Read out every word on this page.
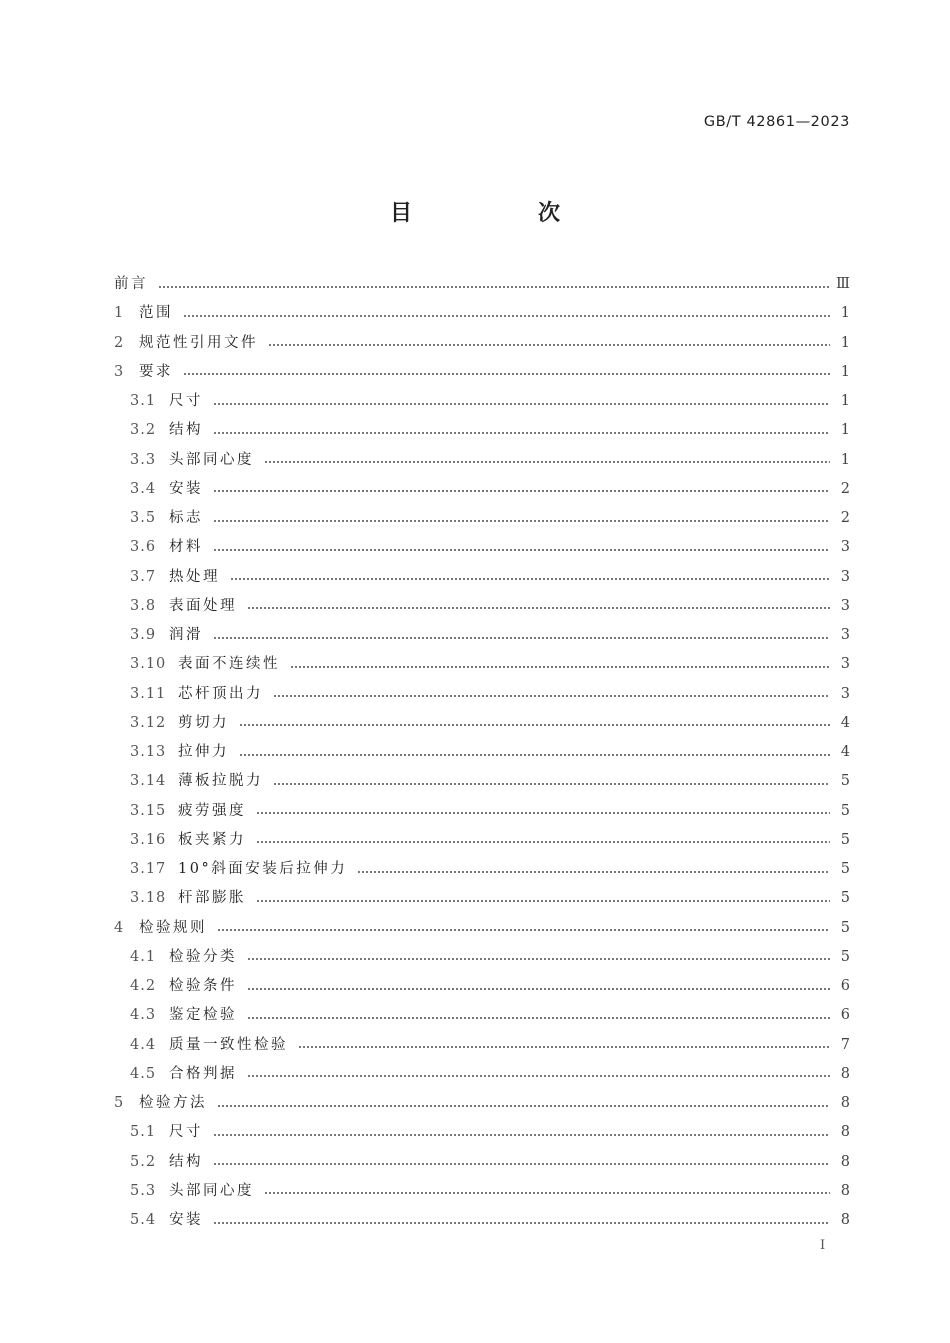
GB/T 42861—2023
目　次
前言	Ⅲ
1	范围	1
2	规范性引用文件	1
3	要求	1
3.1 尺寸	1
3.2 结构	1
3.3 头部同心度	1
3.4 安装	2
3.5 标志	2
3.6 材料	3
3.7 热处理	3
3.8 表面处理	3
3.9 润滑	3
3.10 表面不连续性	3
3.11 芯杆顶出力	3
3.12 剪切力	4
3.13 拉伸力	4
3.14 薄板拉脱力	5
3.15 疲劳强度	5
3.16 板夹紧力	5
3.17 10°斜面安装后拉伸力	5
3.18 杆部膨胀	5
4	检验规则	5
4.1 检验分类	5
4.2 检验条件	6
4.3 鉴定检验	6
4.4 质量一致性检验	7
4.5 合格判据	8
5	检验方法	8
5.1 尺寸	8
5.2 结构	8
5.3 头部同心度	8
5.4 安装	8
I
